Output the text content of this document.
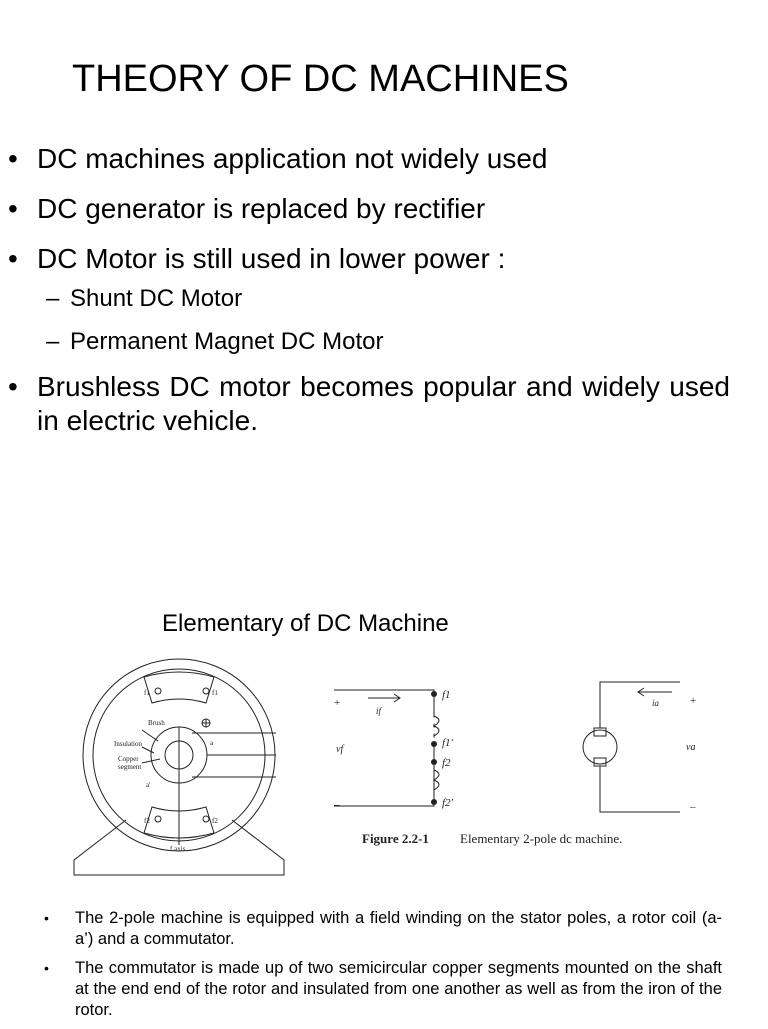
THEORY OF DC MACHINES
• DC machines application not widely used
• DC generator is replaced by rectifier
• DC Motor is still used in lower power :
– Shunt DC Motor
– Permanent Magnet DC Motor
• Brushless DC motor becomes popular and widely used in electric vehicle.

Elementary of DC Machine

Brush
Insulation
Copper
segment
f axis
f1	f1
f2	f2
a
a'
+
–
if
vf
f1
f1'
f2
f2'
+
–
ia
va
Figure 2.2-1 Elementary 2-pole dc machine.
• The 2-pole machine is equipped with a field winding on the stator poles, a rotor coil (a-a’) and a commutator.
• The commutator is made up of two semicircular copper segments mounted on the shaft at the end end of the rotor and insulated from one another as well as from the iron of the rotor.
